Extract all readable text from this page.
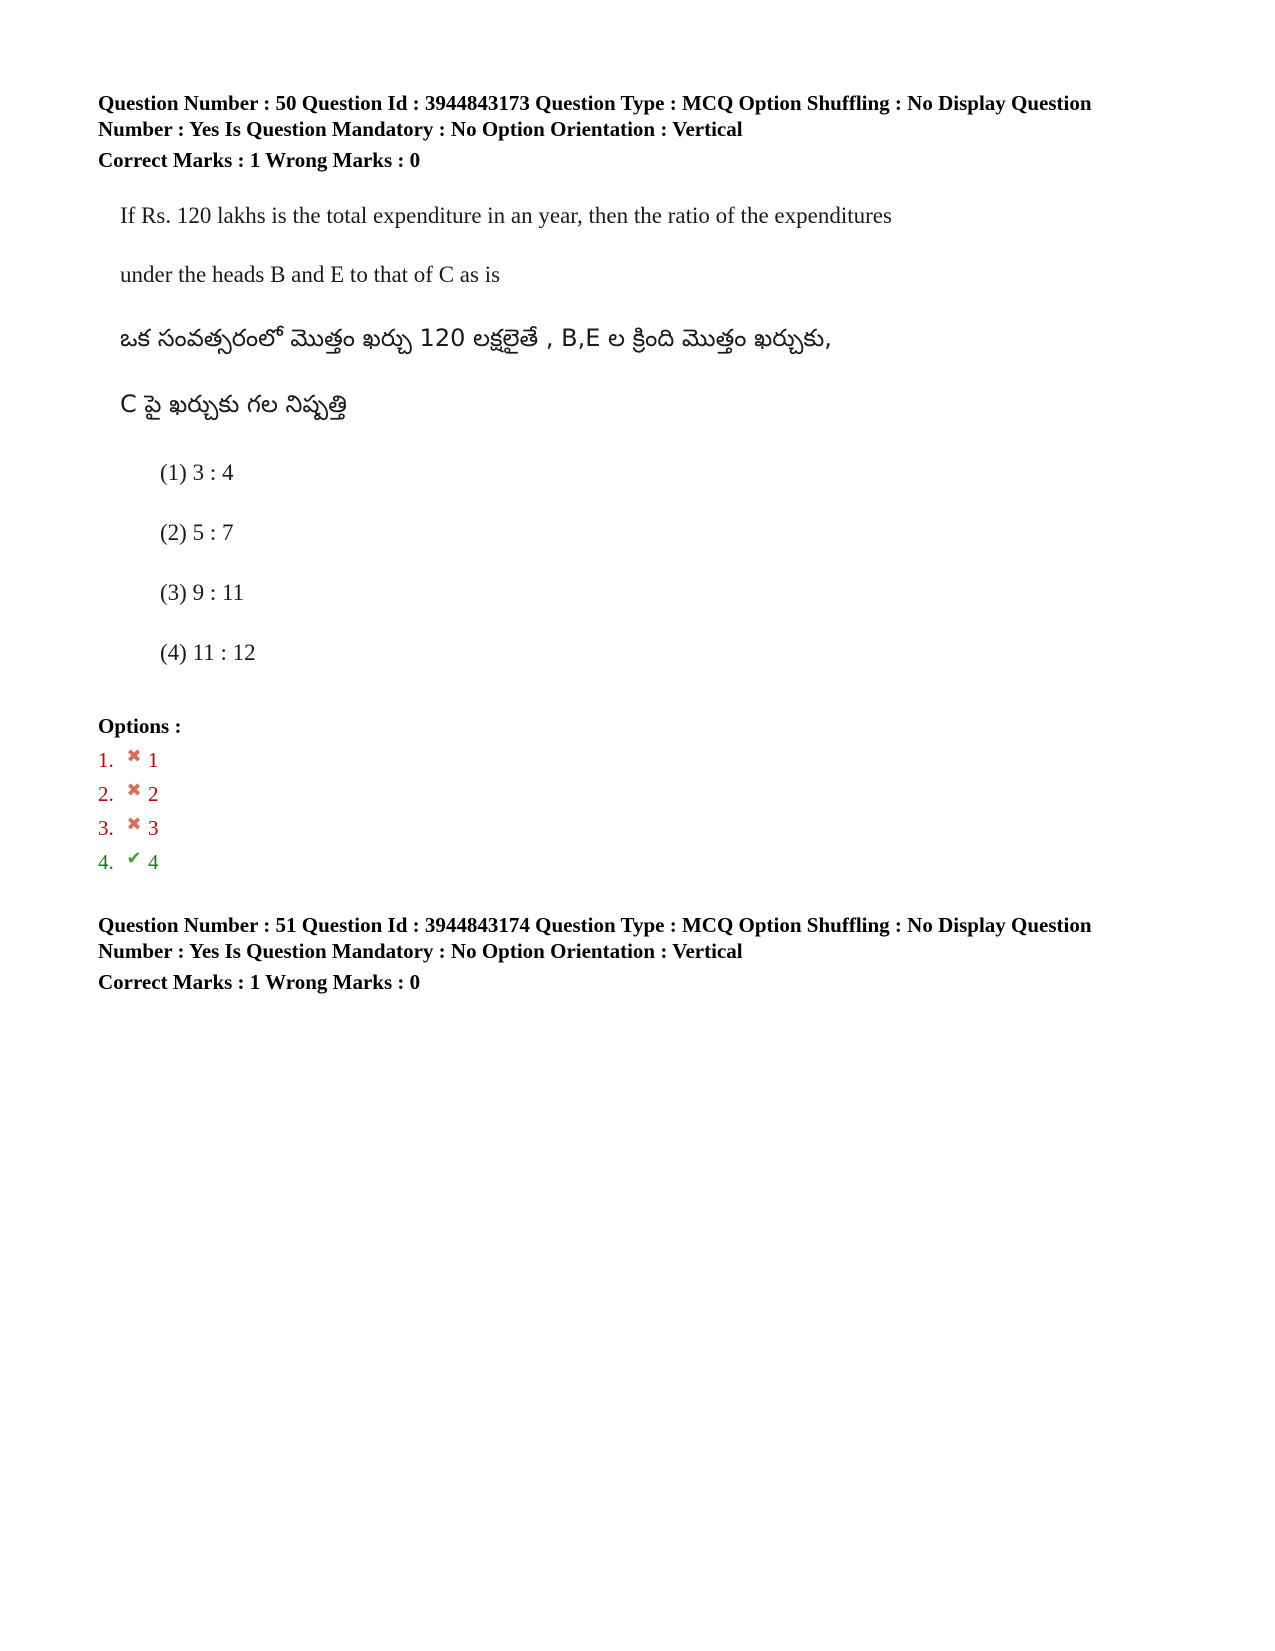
Question Number : 50 Question Id : 3944843173 Question Type : MCQ Option Shuffling : No Display Question
Number : Yes Is Question Mandatory : No Option Orientation : Vertical
Correct Marks : 1 Wrong Marks : 0
If Rs. 120 lakhs is the total expenditure in an year, then the ratio of the expenditures
under the heads B and E to that of C as is
ఒక సంవత్సరంలో మొత్తం ఖర్చు 120 లక్షలైతే , B,E ల క్రింది మొత్తం ఖర్చుకు,
C పై ఖర్చుకు గల నిష్పత్తి
(1) 3 : 4
(2) 5 : 7
(3) 9 : 11
(4) 11 : 12
Options :
1. ✖ 1
2. ✖ 2
3. ✖ 3
4. ✔ 4
Question Number : 51 Question Id : 3944843174 Question Type : MCQ Option Shuffling : No Display Question
Number : Yes Is Question Mandatory : No Option Orientation : Vertical
Correct Marks : 1 Wrong Marks : 0
